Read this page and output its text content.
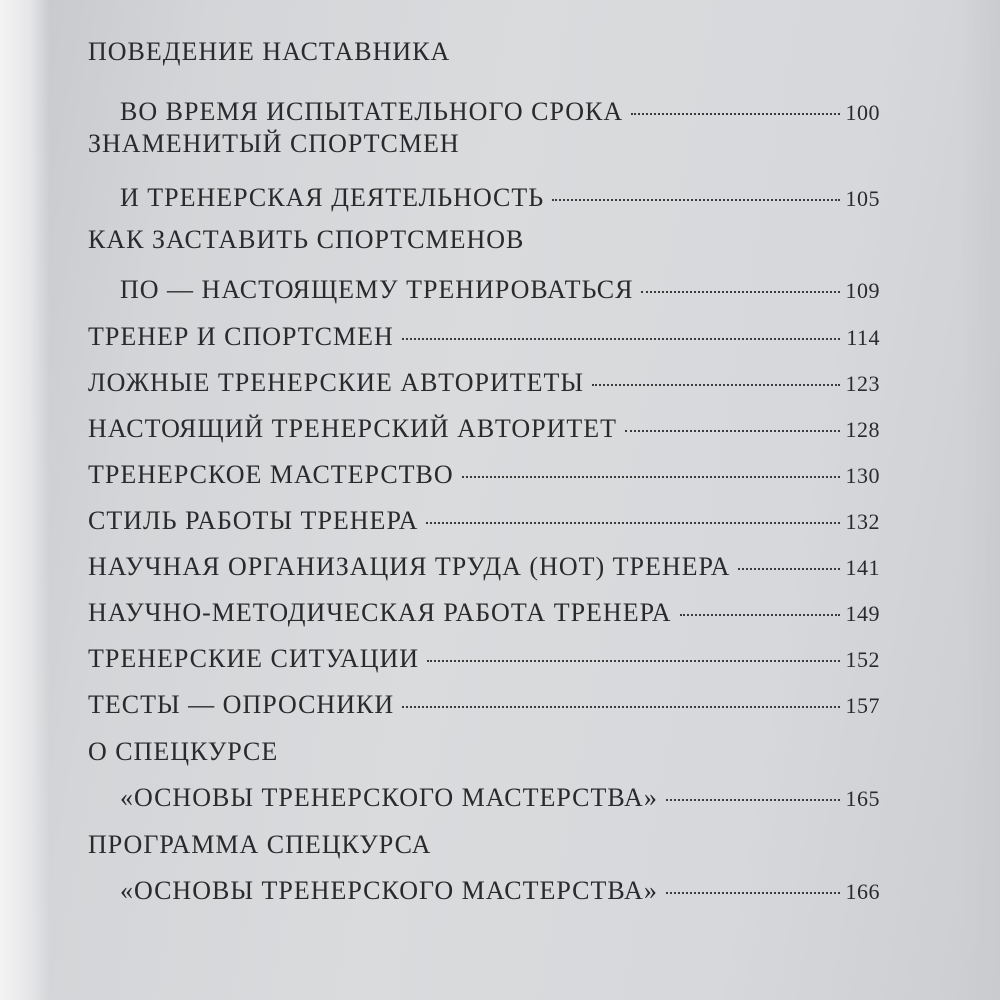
ПОВЕДЕНИЕ НАСТАВНИКА
ВО ВРЕМЯ ИСПЫТАТЕЛЬНОГО СРОКА	100
ЗНАМЕНИТЫЙ СПОРТСМЕН
И ТРЕНЕРСКАЯ ДЕЯТЕЛЬНОСТЬ	105
КАК ЗАСТАВИТЬ СПОРТСМЕНОВ
ПО — НАСТОЯЩЕМУ ТРЕНИРОВАТЬСЯ	109
ТРЕНЕР И СПОРТСМЕН	114
ЛОЖНЫЕ ТРЕНЕРСКИЕ АВТОРИТЕТЫ	123
НАСТОЯЩИЙ ТРЕНЕРСКИЙ АВТОРИТЕТ	128
ТРЕНЕРСКОЕ МАСТЕРСТВО	130
СТИЛЬ РАБОТЫ ТРЕНЕРА	132
НАУЧНАЯ ОРГАНИЗАЦИЯ ТРУДА (НОТ) ТРЕНЕРА	141
НАУЧНО-МЕТОДИЧЕСКАЯ РАБОТА ТРЕНЕРА	149
ТРЕНЕРСКИЕ СИТУАЦИИ	152
ТЕСТЫ — ОПРОСНИКИ	157
О СПЕЦКУРСЕ
«ОСНОВЫ ТРЕНЕРСКОГО МАСТЕРСТВА»	165
ПРОГРАММА СПЕЦКУРСА
«ОСНОВЫ ТРЕНЕРСКОГО МАСТЕРСТВА»	166
